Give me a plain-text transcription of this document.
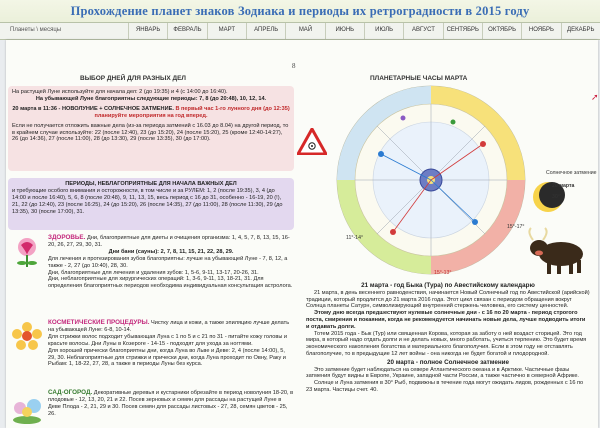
Прохождение планет знаков Зодиака и периоды их ретроградности в 2015 году
Планеты \ месяцы	ЯНВАРЬ	ФЕВРАЛЬ	МАРТ	АПРЕЛЬ	МАЙ	ИЮНЬ	ИЮЛЬ	АВГУСТ	СЕНТЯБРЬ	ОКТЯБРЬ	НОЯБРЬ	ДЕКАБРЬ
8
ВЫБОР ДНЕЙ ДЛЯ РАЗНЫХ ДЕЛ

На растущей Луне используйте для начала дел: 2 (до 19:35) и 4 (с 14:00 до 16:40).

На убывающей Луне благоприятны следующие периоды: 7, 8 (до 20:48), 10, 12, 14.

20 марта в 11:36 - НОВОЛУНИЕ + СОЛНЕЧНОЕ ЗАТМЕНИЕ. В первый час 1-го лунного дня (до 12:35) планируйте мероприятия на год вперед.

Если не получается отложить важные дела (из-за периода затмений с 16.03 до 8.04) на другой период, то в крайнем случае используйте: 22 (после 12:40), 23 (до 15:20), 24 (после 15:20), 25 (кроме 12:40-14:27), 26 (до 14:36), 27 (после 11:00), 28 (до 13:30), 29 (после 13:35), 30 (до 17:00).

ПЕРИОДЫ, НЕБЛАГОПРИЯТНЫЕ ДЛЯ НАЧАЛА ВАЖНЫХ ДЕЛ

и требующие особого внимания и осторожности, в том числе и за РУЛЕМ: 1, 2 (после 19:35), 3, 4 (до 14:00 и после 16:40), 5, 6, 8 (после 20:48), 9, 11, 13, 15, весь период с 16 до 31, особенно - 16-19, 20 (!), 21, 22 (до 12:40), 23 (после 16:25), 24 (до 15:20), 26 (после 14:35), 27 (до 11:00), 28 (после 11:30), 29 (до 13:35), 30 (после 17:00), 31.

ЗДОРОВЬЕ. Дни, благоприятные для диеты и очищения организма: 1, 4, 5, 7, 8, 13, 15, 16-20, 26, 27, 29, 30, 31.

Дни бани (сауны): 2, 7, 8, 11, 15, 21, 22, 28, 29.

Для лечения и протезирования зубов благоприятны: лучше на убывающей Луне - 7, 8, 12, а также - 2, 27 (до 10:40), 28, 30.

Дни, благоприятные для лечения и удаления зубов: 1, 5-6, 9-11, 13-17, 20-26, 31.

Дни, неблагоприятные для хирургических операций: 1, 3-6, 9-11, 13, 18-21, 31. Для определения благоприятных периодов необходима индивидуальная консультация астролога.

КОСМЕТИЧЕСКИЕ ПРОЦЕДУРЫ. Чистку лица и кожи, а также эпиляцию лучше делать на убывающей Луне: 6-8, 10-14.

Для стрижки волос подходит убывающая Луна с 1 по 5 и с 21 по 31 - питайте кожу головы и красьте волосы. Дни Луны в Козероге - 14-15 - подходят для ухода за ногтями.

Для хорошей прически благоприятны дни, когда Луна во Льве и Деве: 2, 4 (после 14:00), 5, 29, 30. Неблагоприятные для стрижки и прически дни, когда Луна проходит по Овну, Раку и Рыбам: 1, 18-22, 27, 28, а также в периоды Луны без курса.

САД-ОГОРОД. Декоративные деревья и кустарники обрезайте в период новолуния 18-20, в плодовые - 12, 13, 20, 21 и 22. Посев зерновых и семян для рассады на растущей Луне в Деве Плода - 2, 21, 29 и 30. Посев семян для рассады листовых - 27, 28, семян цветов - 25, 26.

ПЛАНЕТАРНЫЕ ЧАСЫ МАРТА
➚
11°-14°
15°-13°
15°-17°
Солнечное затмение
20 марта
30°'

21 марта - год Быка (Тура) по Авестийскому календарю

21 марта, в день весеннего равноденствия, начинается Новый Солнечный год по Авестийской (арийской) традиции, который продлится до 21 марта 2016 года. Этот цикл связан с периодом обращения вокруг Солнца планеты Сатурн, символизирующий внутренний стержень человека, его систему ценностей.

Этому дню всегда предшествуют нулевые солнечные дни - с 16 по 20 марта - период строгого поста, смирения и покаяния, когда не рекомендуется начинать новые дела, лучше подводить итоги и отдавать долги.

Тотем 2015 года - Бык (Тур) или священная Корова, которая за заботу о ней воздаст сторицей. Это год мира, в который надо отдать долги и не делать новых, много работать, учиться терпению. Это будет время экономического накопления богатства и материального благополучия. Если в этом году не отставлять благополучие, то в предыдущие 12 лет войны - она никогда не будет богатой и плодородной.

20 марта - полное Солнечное затмение

Это затмение будет наблюдаться на севере Атлантического океана и в Арктике. Частичные фазы затмения будут видны в Европе, Украине, западной части России, а также частично в северной Африке.

Солнце и Луна затмения в 30° Рыб, подвижны в течение года могут ожидать лидов, рожденных с 16 по 23 марта. Частицы счет. 40.
